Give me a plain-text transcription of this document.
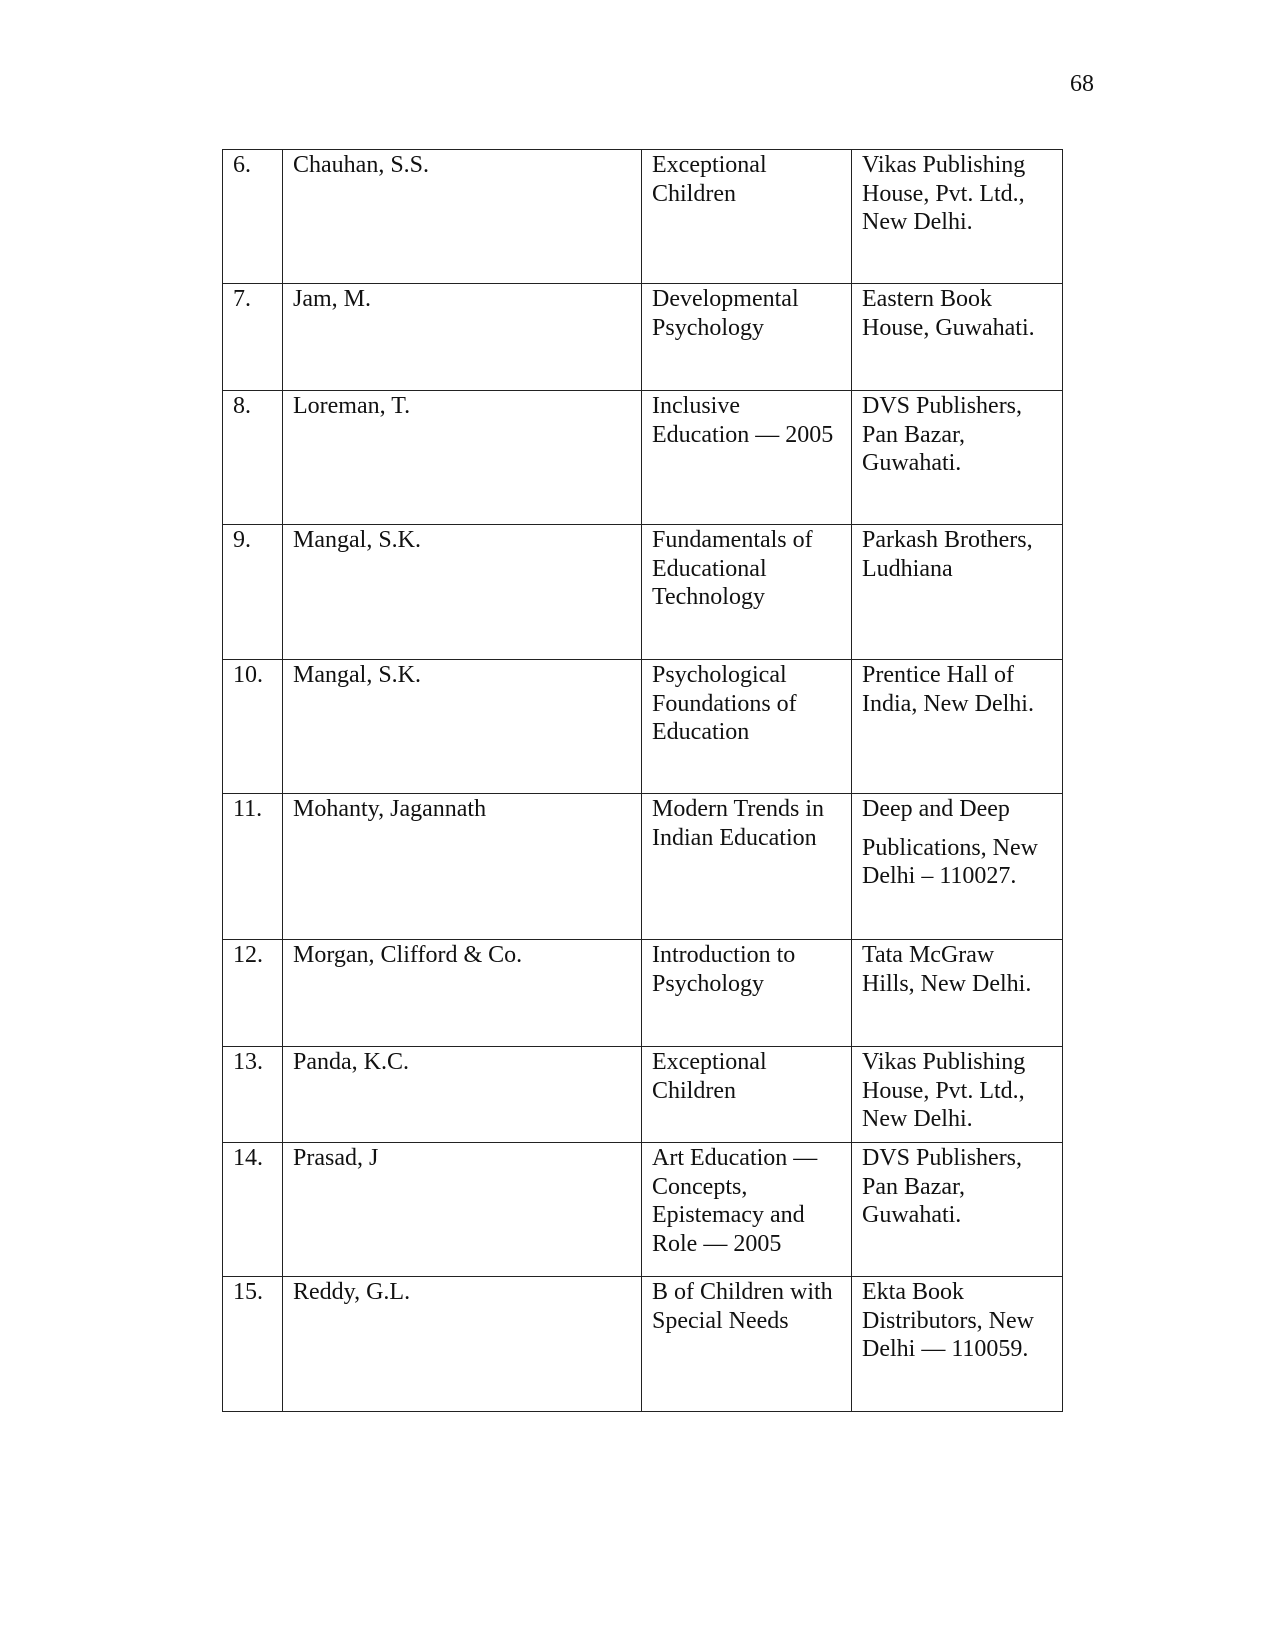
68
6.	Chauhan, S.S.	Exceptional Children	Vikas Publishing House, Pvt. Ltd., New Delhi.
7.	Jam, M.	Developmental Psychology	Eastern Book House, Guwahati.
8.	Loreman, T.	Inclusive Education — 2005	DVS Publishers, Pan Bazar, Guwahati.
9.	Mangal, S.K.	Fundamentals of Educational Technology	Parkash Brothers, Ludhiana
10.	Mangal, S.K.	Psychological Foundations of Education	Prentice Hall of India, New Delhi.
11.	Mohanty, Jagannath	Modern Trends in Indian Education	Deep and Deep
Publications, New Delhi – 110027.

12.	Morgan, Clifford & Co.	Introduction to Psychology	Tata McGraw Hills, New Delhi.
13.	Panda, K.C.	Exceptional Children	Vikas Publishing House, Pvt. Ltd., New Delhi.
14.	Prasad, J	Art Education — Concepts, Epistemacy and Role — 2005	DVS Publishers, Pan Bazar, Guwahati.
15.	Reddy, G.L.	B of Children with Special Needs	Ekta Book Distributors, New Delhi — 110059.
